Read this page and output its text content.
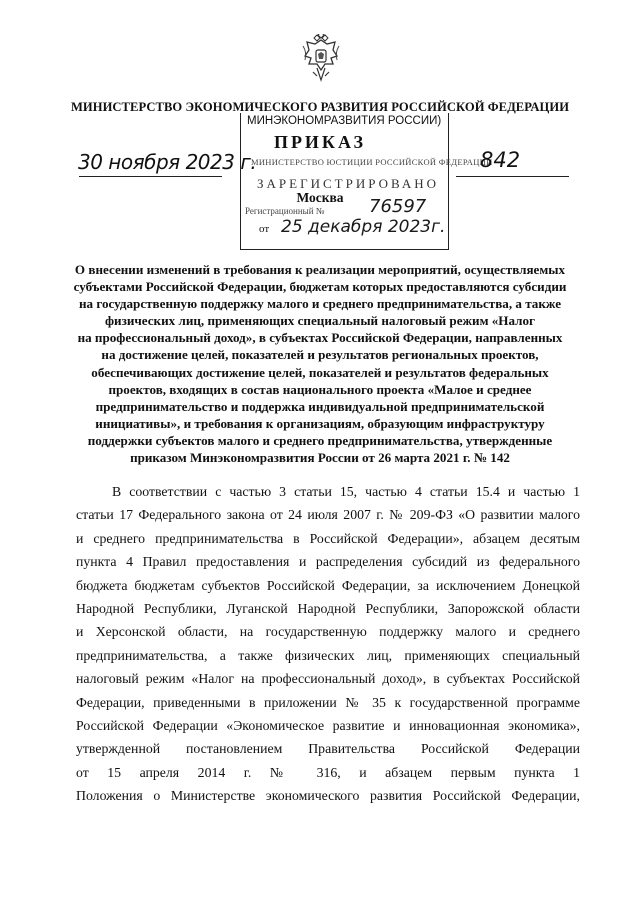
МИНИСТЕРСТВО ЭКОНОМИЧЕСКОГО РАЗВИТИЯ РОССИЙСКОЙ ФЕДЕРАЦИИ
МИНЭКОНОМРАЗВИТИЯ РОССИИ)
МИНИСТЕРСТВО ЮСТИЦИИ РОССИЙСКОЙ ФЕДЕРАЦИИ
ЗАРЕГИСТРИРОВАНО
Регистрационный № 76597
от 25 декабря 2023г.
ПРИКАЗ
Москва
30 ноября 2023 г.	842
О внесении изменений в требования к реализации мероприятий, осуществляемых
субъектами Российской Федерации, бюджетам которых предоставляются субсидии
на государственную поддержку малого и среднего предпринимательства, а также
физических лиц, применяющих специальный налоговый режим «Налог
на профессиональный доход», в субъектах Российской Федерации, направленных
на достижение целей, показателей и результатов региональных проектов,
обеспечивающих достижение целей, показателей и результатов федеральных
проектов, входящих в состав национального проекта «Малое и среднее
предпринимательство и поддержка индивидуальной предпринимательской
инициативы», и требования к организациям, образующим инфраструктуру
поддержки субъектов малого и среднего предпринимательства, утвержденные
приказом Минэкономразвития России от 26 марта 2021 г. № 142
В соответствии с частью 3 статьи 15, частью 4 статьи 15.4 и частью 1
статьи 17 Федерального закона от 24 июля 2007 г. № 209-ФЗ «О развитии малого
и среднего предпринимательства в Российской Федерации», абзацем десятым
пункта 4 Правил предоставления и распределения субсидий из федерального
бюджета бюджетам субъектов Российской Федерации, за исключением Донецкой
Народной Республики, Луганской Народной Республики, Запорожской области
и Херсонской области, на государственную поддержку малого и среднего
предпринимательства, а также физических лиц, применяющих специальный
налоговый режим «Налог на профессиональный доход», в субъектах Российской
Федерации, приведенными в приложении № 35 к государственной программе
Российской Федерации «Экономическое развитие и инновационная экономика»,
утвержденной постановлением Правительства Российской Федерации
от 15 апреля 2014 г. № 316, и абзацем первым пункта 1
Положения о Министерстве экономического развития Российской Федерации,
